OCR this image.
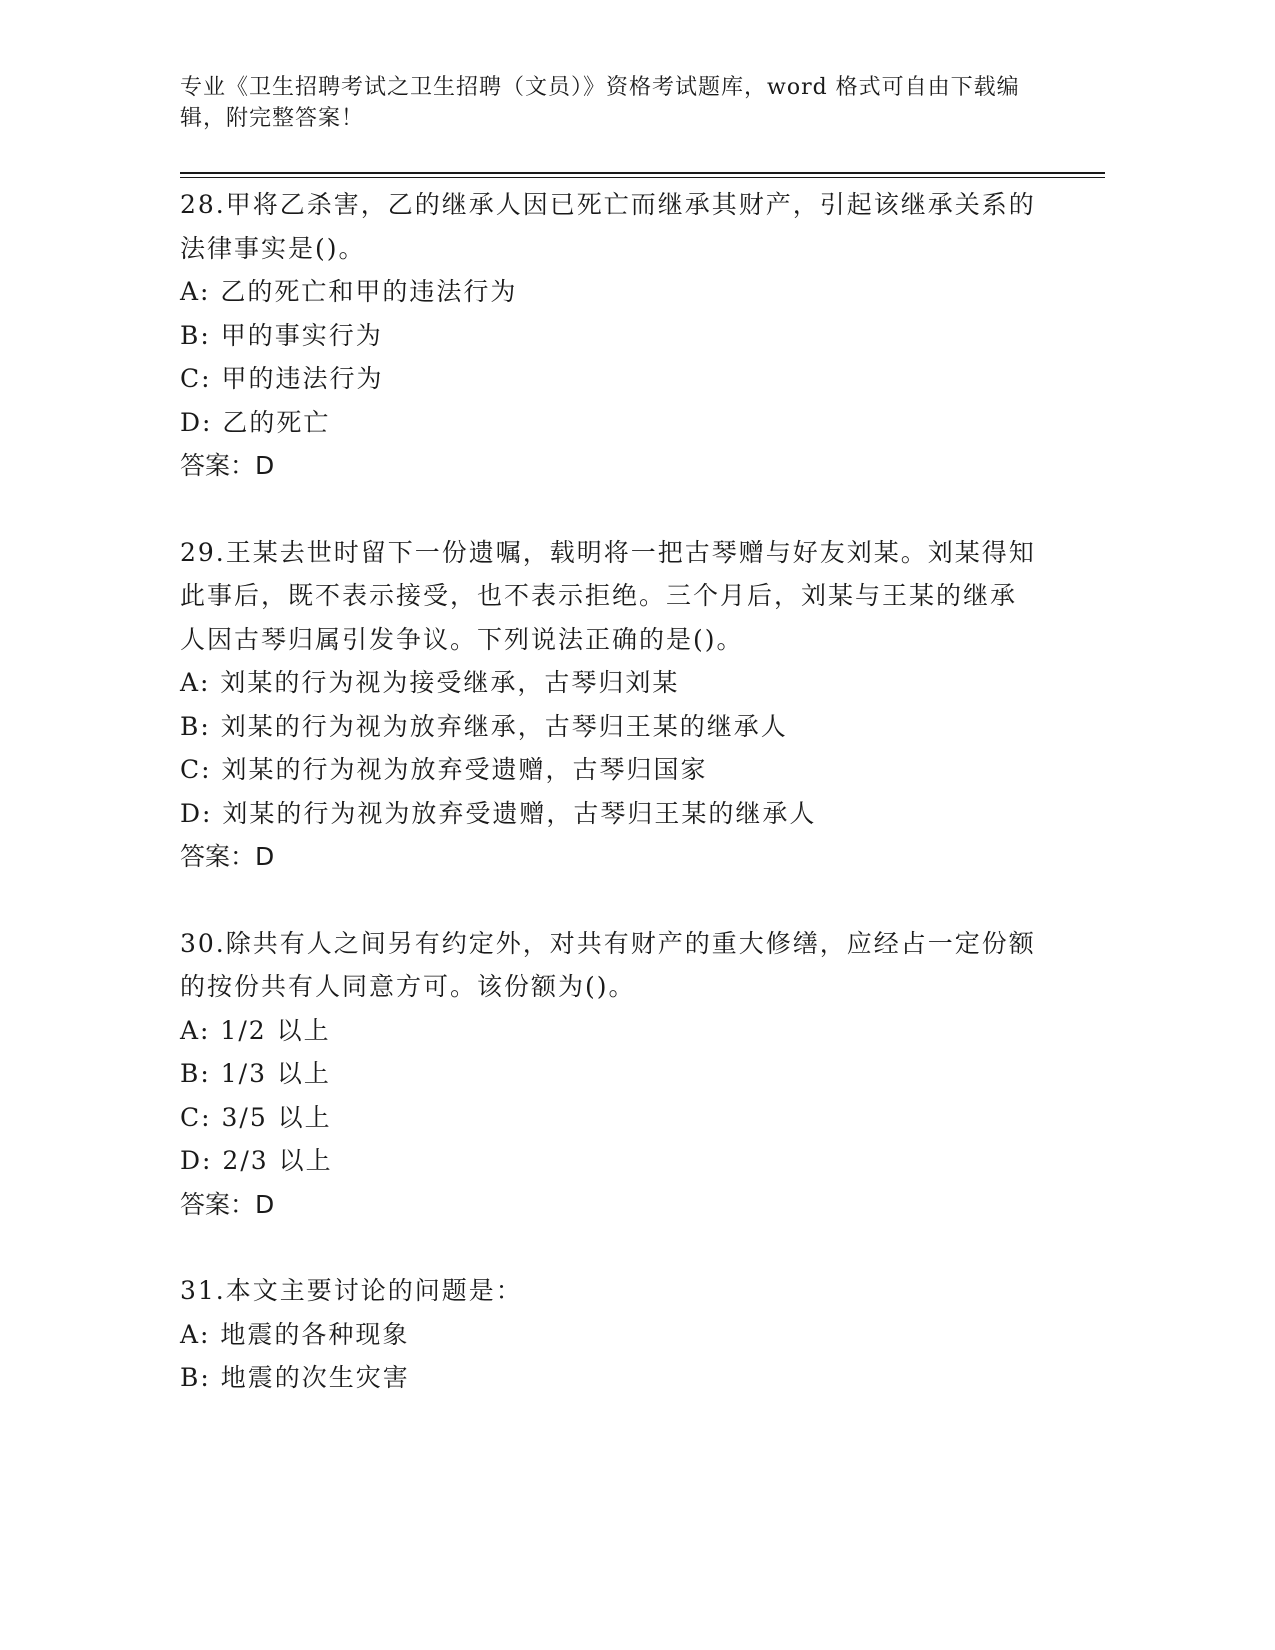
专业《卫生招聘考试之卫生招聘（文员）》资格考试题库，word 格式可自由下载编辑，附完整答案！
28.甲将乙杀害，乙的继承人因已死亡而继承其财产，引起该继承关系的法律事实是()。
A: 乙的死亡和甲的违法行为
B: 甲的事实行为
C: 甲的违法行为
D: 乙的死亡
答案：D
29.王某去世时留下一份遗嘱，载明将一把古琴赠与好友刘某。刘某得知此事后，既不表示接受，也不表示拒绝。三个月后，刘某与王某的继承人因古琴归属引发争议。下列说法正确的是()。
A: 刘某的行为视为接受继承，古琴归刘某
B: 刘某的行为视为放弃继承，古琴归王某的继承人
C: 刘某的行为视为放弃受遗赠，古琴归国家
D: 刘某的行为视为放弃受遗赠，古琴归王某的继承人
答案：D
30.除共有人之间另有约定外，对共有财产的重大修缮，应经占一定份额的按份共有人同意方可。该份额为()。
A: 1/2 以上
B: 1/3 以上
C: 3/5 以上
D: 2/3 以上
答案：D
31.本文主要讨论的问题是：
A: 地震的各种现象
B: 地震的次生灾害
